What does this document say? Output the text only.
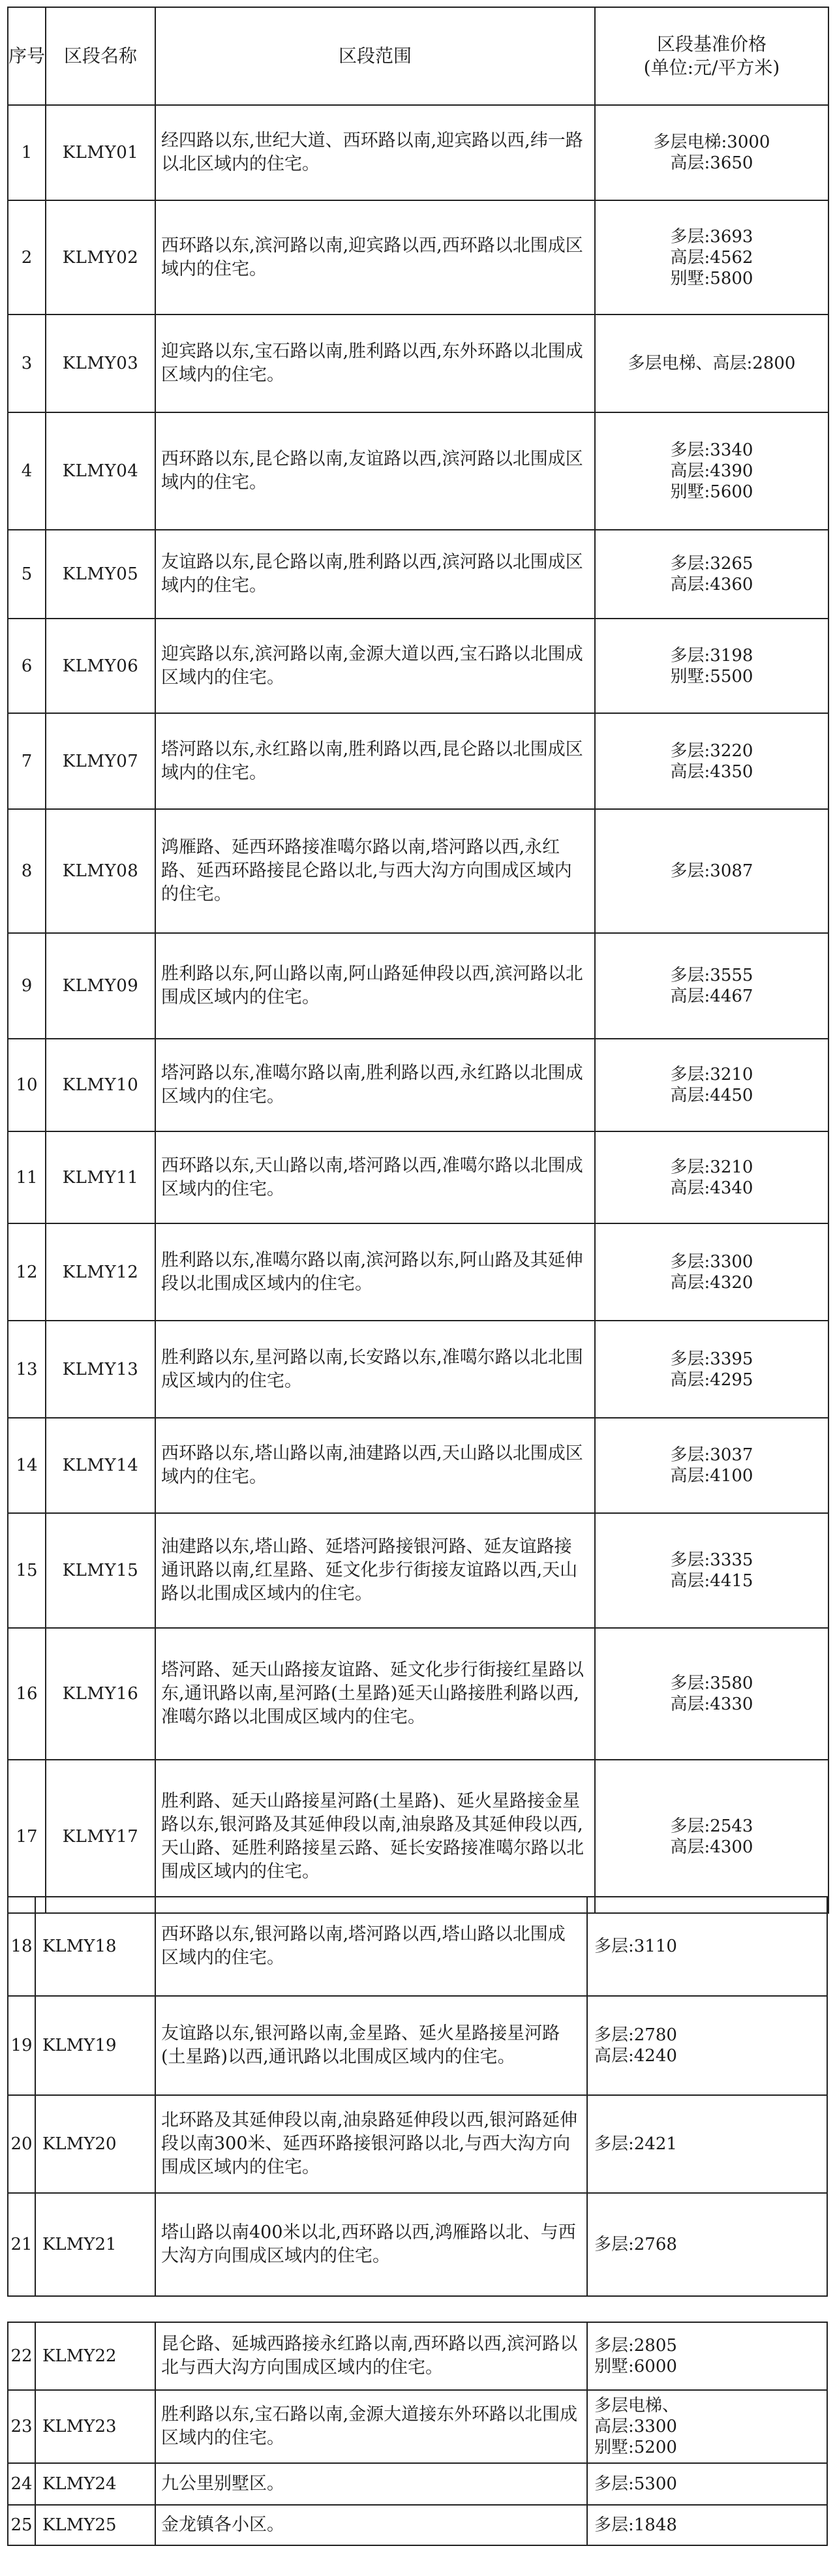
序号	区段名称	区段范围	区段基准价格
(单位:元/平方米)

1	KLMY01	经四路以东,世纪大道、西环路以南,迎宾路以西,纬一路以北区域内的住宅。	多层电梯:3000
高层:3650

2	KLMY02	西环路以东,滨河路以南,迎宾路以西,西环路以北围成区域内的住宅。	多层:3693
高层:4562
别墅:5800

3	KLMY03	迎宾路以东,宝石路以南,胜利路以西,东外环路以北围成区域内的住宅。	多层电梯、高层:2800

4	KLMY04	西环路以东,昆仑路以南,友谊路以西,滨河路以北围成区域内的住宅。	多层:3340
高层:4390
别墅:5600

5	KLMY05	友谊路以东,昆仑路以南,胜利路以西,滨河路以北围成区域内的住宅。	多层:3265
高层:4360

6	KLMY06	迎宾路以东,滨河路以南,金源大道以西,宝石路以北围成区域内的住宅。	多层:3198
别墅:5500

7	KLMY07	塔河路以东,永红路以南,胜利路以西,昆仑路以北围成区域内的住宅。	多层:3220
高层:4350

8	KLMY08	鸿雁路、延西环路接准噶尔路以南,塔河路以西,永红路、延西环路接昆仑路以北,与西大沟方向围成区域内的住宅。	多层:3087

9	KLMY09	胜利路以东,阿山路以南,阿山路延伸段以西,滨河路以北围成区域内的住宅。	多层:3555
高层:4467

10	KLMY10	塔河路以东,准噶尔路以南,胜利路以西,永红路以北围成区域内的住宅。	多层:3210
高层:4450

11	KLMY11	西环路以东,天山路以南,塔河路以西,准噶尔路以北围成区域内的住宅。	多层:3210
高层:4340

12	KLMY12	胜利路以东,准噶尔路以南,滨河路以东,阿山路及其延伸段以北围成区域内的住宅。	多层:3300
高层:4320

13	KLMY13	胜利路以东,星河路以南,长安路以东,准噶尔路以北北围成区域内的住宅。	多层:3395
高层:4295

14	KLMY14	西环路以东,塔山路以南,油建路以西,天山路以北围成区域内的住宅。	多层:3037
高层:4100

15	KLMY15	油建路以东,塔山路、延塔河路接银河路、延友谊路接通讯路以南,红星路、延文化步行街接友谊路以西,天山路以北围成区域内的住宅。	多层:3335
高层:4415

16	KLMY16	塔河路、延天山路接友谊路、延文化步行街接红星路以东,通讯路以南,星河路(土星路)延天山路接胜利路以西,准噶尔路以北围成区域内的住宅。	多层:3580
高层:4330

17	KLMY17	胜利路、延天山路接星河路(土星路)、延火星路接金星路以东,银河路及其延伸段以南,油泉路及其延伸段以西,天山路、延胜利路接星云路、延长安路接准噶尔路以北围成区域内的住宅。	多层:2543
高层:4300
18	KLMY18	西环路以东,银河路以南,塔河路以西,塔山路以北围成区域内的住宅。	多层:3110

19	KLMY19	友谊路以东,银河路以南,金星路、延火星路接星河路(土星路)以西,通讯路以北围成区域内的住宅。	多层:2780
高层:4240

20	KLMY20	北环路及其延伸段以南,油泉路延伸段以西,银河路延伸段以南300米、延西环路接银河路以北,与西大沟方向围成区域内的住宅。	多层:2421

21	KLMY21	塔山路以南400米以北,西环路以西,鸿雁路以北、与西大沟方向围成区域内的住宅。	多层:2768
22	KLMY22	昆仑路、延城西路接永红路以南,西环路以西,滨河路以北与西大沟方向围成区域内的住宅。	多层:2805
别墅:6000

23	KLMY23	胜利路以东,宝石路以南,金源大道接东外环路以北围成区域内的住宅。	多层电梯、
高层:3300
别墅:5200

24	KLMY24	九公里别墅区。	多层:5300

25	KLMY25	金龙镇各小区。	多层:1848
